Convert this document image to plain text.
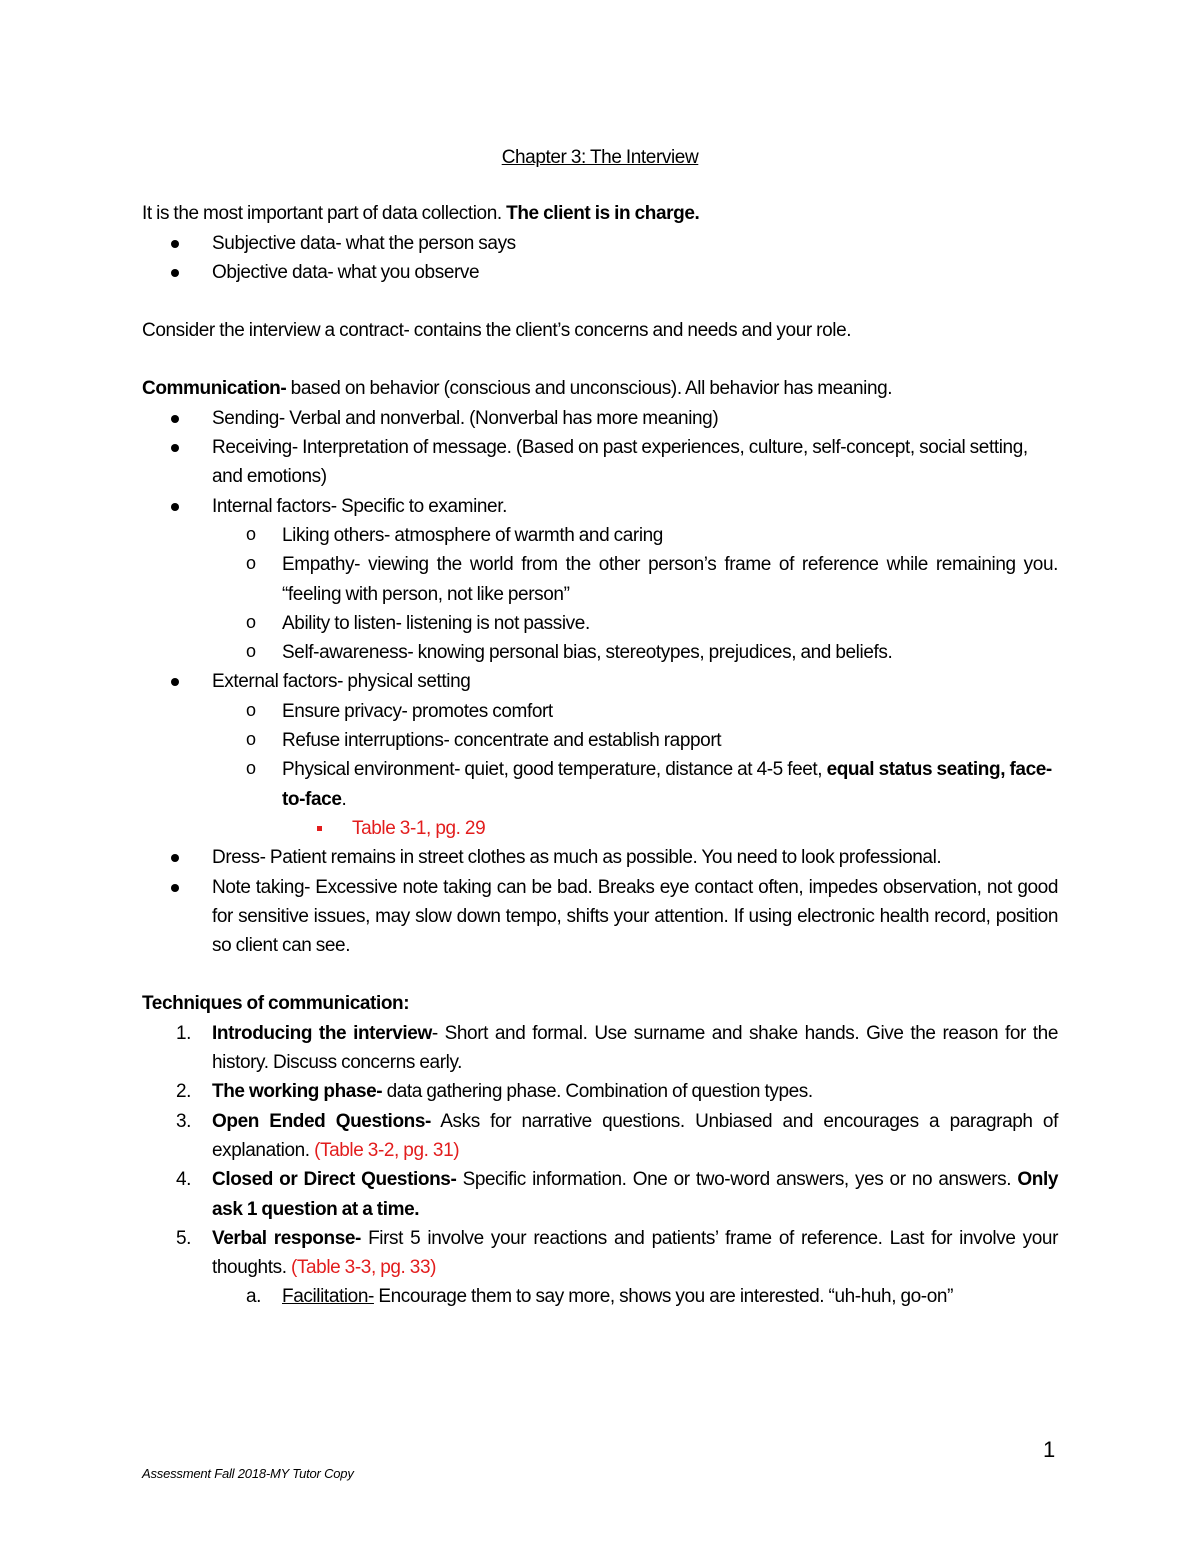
Chapter 3: The Interview

It is the most important part of data collection. The client is in charge.

Subjective data- what the person says
Objective data- what you observe

Consider the interview a contract- contains the client’s concerns and needs and your role.

Communication- based on behavior (conscious and unconscious). All behavior has meaning.

Sending- Verbal and nonverbal. (Nonverbal has more meaning)
Receiving- Interpretation of message. (Based on past experiences, culture, self-concept, social setting, and emotions)
Internal factors- Specific to examiner.
o Liking others- atmosphere of warmth and caring
o Empathy- viewing the world from the other person’s frame of reference while remaining you. “feeling with person, not like person”
o Ability to listen- listening is not passive.
o Self-awareness- knowing personal bias, stereotypes, prejudices, and beliefs.
External factors- physical setting
o Ensure privacy- promotes comfort
o Refuse interruptions- concentrate and establish rapport
o Physical environment- quiet, good temperature, distance at 4-5 feet, equal status seating, face-to-face.
Table 3-1, pg. 29
Dress- Patient remains in street clothes as much as possible. You need to look professional.
Note taking- Excessive note taking can be bad. Breaks eye contact often, impedes observation, not good for sensitive issues, may slow down tempo, shifts your attention. If using electronic health record, position so client can see.

Techniques of communication:

1. Introducing the interview- Short and formal. Use surname and shake hands. Give the reason for the history. Discuss concerns early.
2. The working phase- data gathering phase. Combination of question types.
3. Open Ended Questions- Asks for narrative questions. Unbiased and encourages a paragraph of explanation. (Table 3-2, pg. 31)
4. Closed or Direct Questions- Specific information. One or two-word answers, yes or no answers. Only ask 1 question at a time.
5. Verbal response- First 5 involve your reactions and patients’ frame of reference. Last for involve your thoughts. (Table 3-3, pg. 33)
a. Facilitation- Encourage them to say more, shows you are interested. “uh-huh, go-on”
1
Assessment Fall 2018-MY Tutor Copy
